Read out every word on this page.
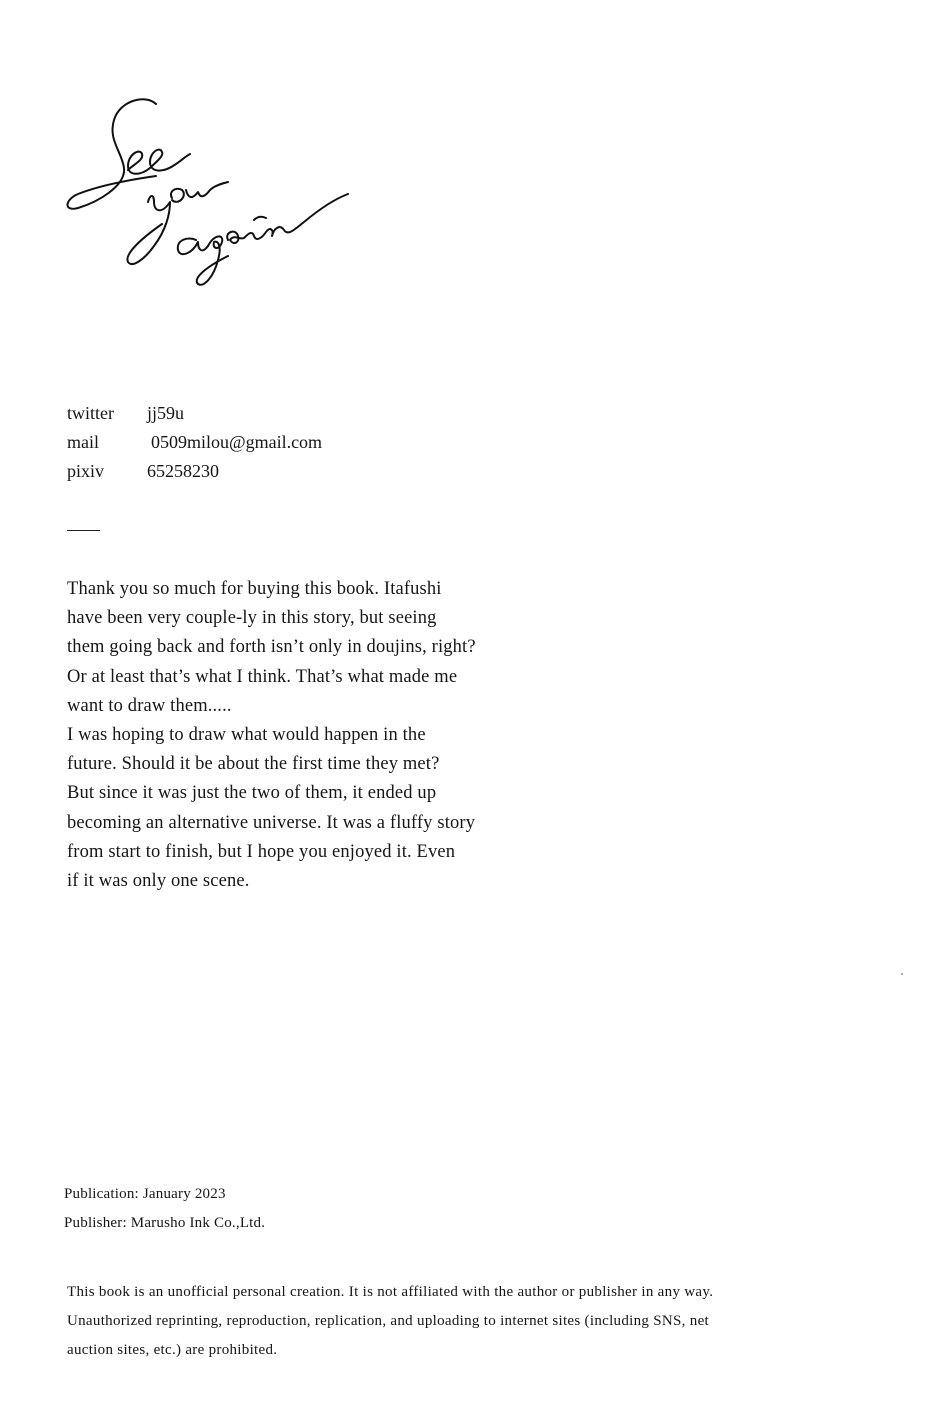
twitter jj59u
mail	0509milou@gmail.com
pixiv 65258230
Thank you so much for buying this book. Itafushi
have been very couple-ly in this story, but seeing
them going back and forth isn’t only in doujins, right?
Or at least that’s what I think. That’s what made me
want to draw them.....
I was hoping to draw what would happen in the
future. Should it be about the first time they met?
But since it was just the two of them, it ended up
becoming an alternative universe. It was a fluffy story
from start to finish, but I hope you enjoyed it. Even
if it was only one scene.
Publication: January 2023
Publisher: Marusho Ink Co.,Ltd.
This book is an unofficial personal creation. It is not affiliated with the author or publisher in any way.
Unauthorized reprinting, reproduction, replication, and uploading to internet sites (including SNS, net
auction sites, etc.) are prohibited.
